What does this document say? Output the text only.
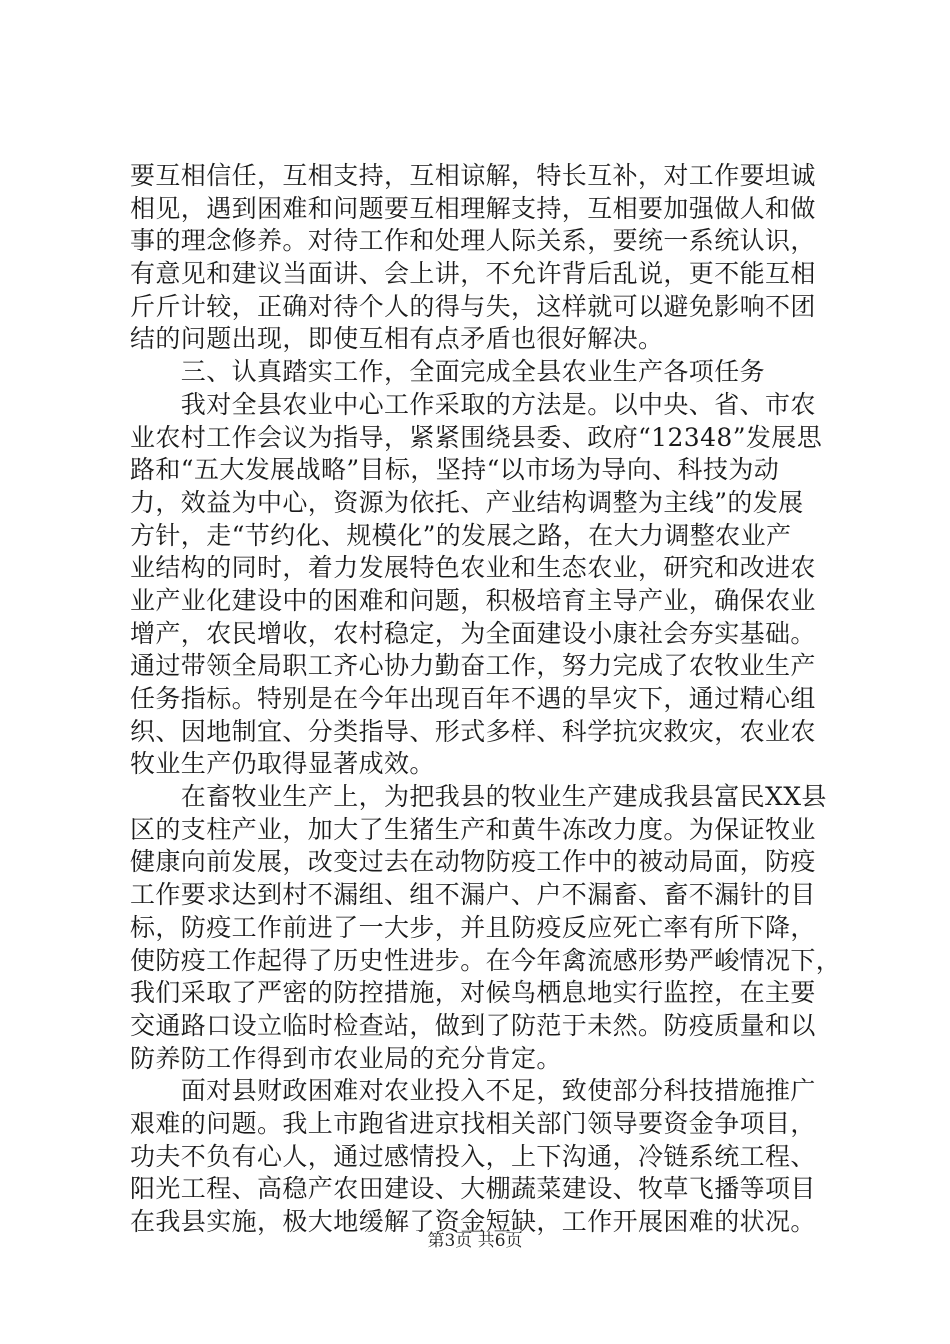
要互相信任，互相支持，互相谅解，特长互补，对工作要坦诚
相见，遇到困难和问题要互相理解支持，互相要加强做人和做
事的理念修养。对待工作和处理人际关系，要统一系统认识，
有意见和建议当面讲、会上讲，不允许背后乱说，更不能互相
斤斤计较，正确对待个人的得与失，这样就可以避免影响不团
结的问题出现，即使互相有点矛盾也很好解决。
　　三、认真踏实工作，全面完成全县农业生产各项任务
　　我对全县农业中心工作采取的方法是。以中央、省、市农
业农村工作会议为指导，紧紧围绕县委、政府“12348”发展思
路和“五大发展战略”目标，坚持“以市场为导向、科技为动
力，效益为中心，资源为依托、产业结构调整为主线”的发展
方针，走“节约化、规模化”的发展之路，在大力调整农业产
业结构的同时，着力发展特色农业和生态农业，研究和改进农
业产业化建设中的困难和问题，积极培育主导产业，确保农业
增产，农民增收，农村稳定，为全面建设小康社会夯实基础。
通过带领全局职工齐心协力勤奋工作，努力完成了农牧业生产
任务指标。特别是在今年出现百年不遇的旱灾下，通过精心组
织、因地制宜、分类指导、形式多样、科学抗灾救灾，农业农
牧业生产仍取得显著成效。
　　在畜牧业生产上，为把我县的牧业生产建成我县富民XX县
区的支柱产业，加大了生猪生产和黄牛冻改力度。为保证牧业
健康向前发展，改变过去在动物防疫工作中的被动局面，防疫
工作要求达到村不漏组、组不漏户、户不漏畜、畜不漏针的目
标，防疫工作前进了一大步，并且防疫反应死亡率有所下降，
使防疫工作起得了历史性进步。在今年禽流感形势严峻情况下，
我们采取了严密的防控措施，对候鸟栖息地实行监控，在主要
交通路口设立临时检查站，做到了防范于未然。防疫质量和以
防养防工作得到市农业局的充分肯定。
　　面对县财政困难对农业投入不足，致使部分科技措施推广
艰难的问题。我上市跑省进京找相关部门领导要资金争项目，
功夫不负有心人，通过感情投入，上下沟通，冷链系统工程、
阳光工程、高稳产农田建设、大棚蔬菜建设、牧草飞播等项目
在我县实施，极大地缓解了资金短缺，工作开展困难的状况。
第3页 共6页
